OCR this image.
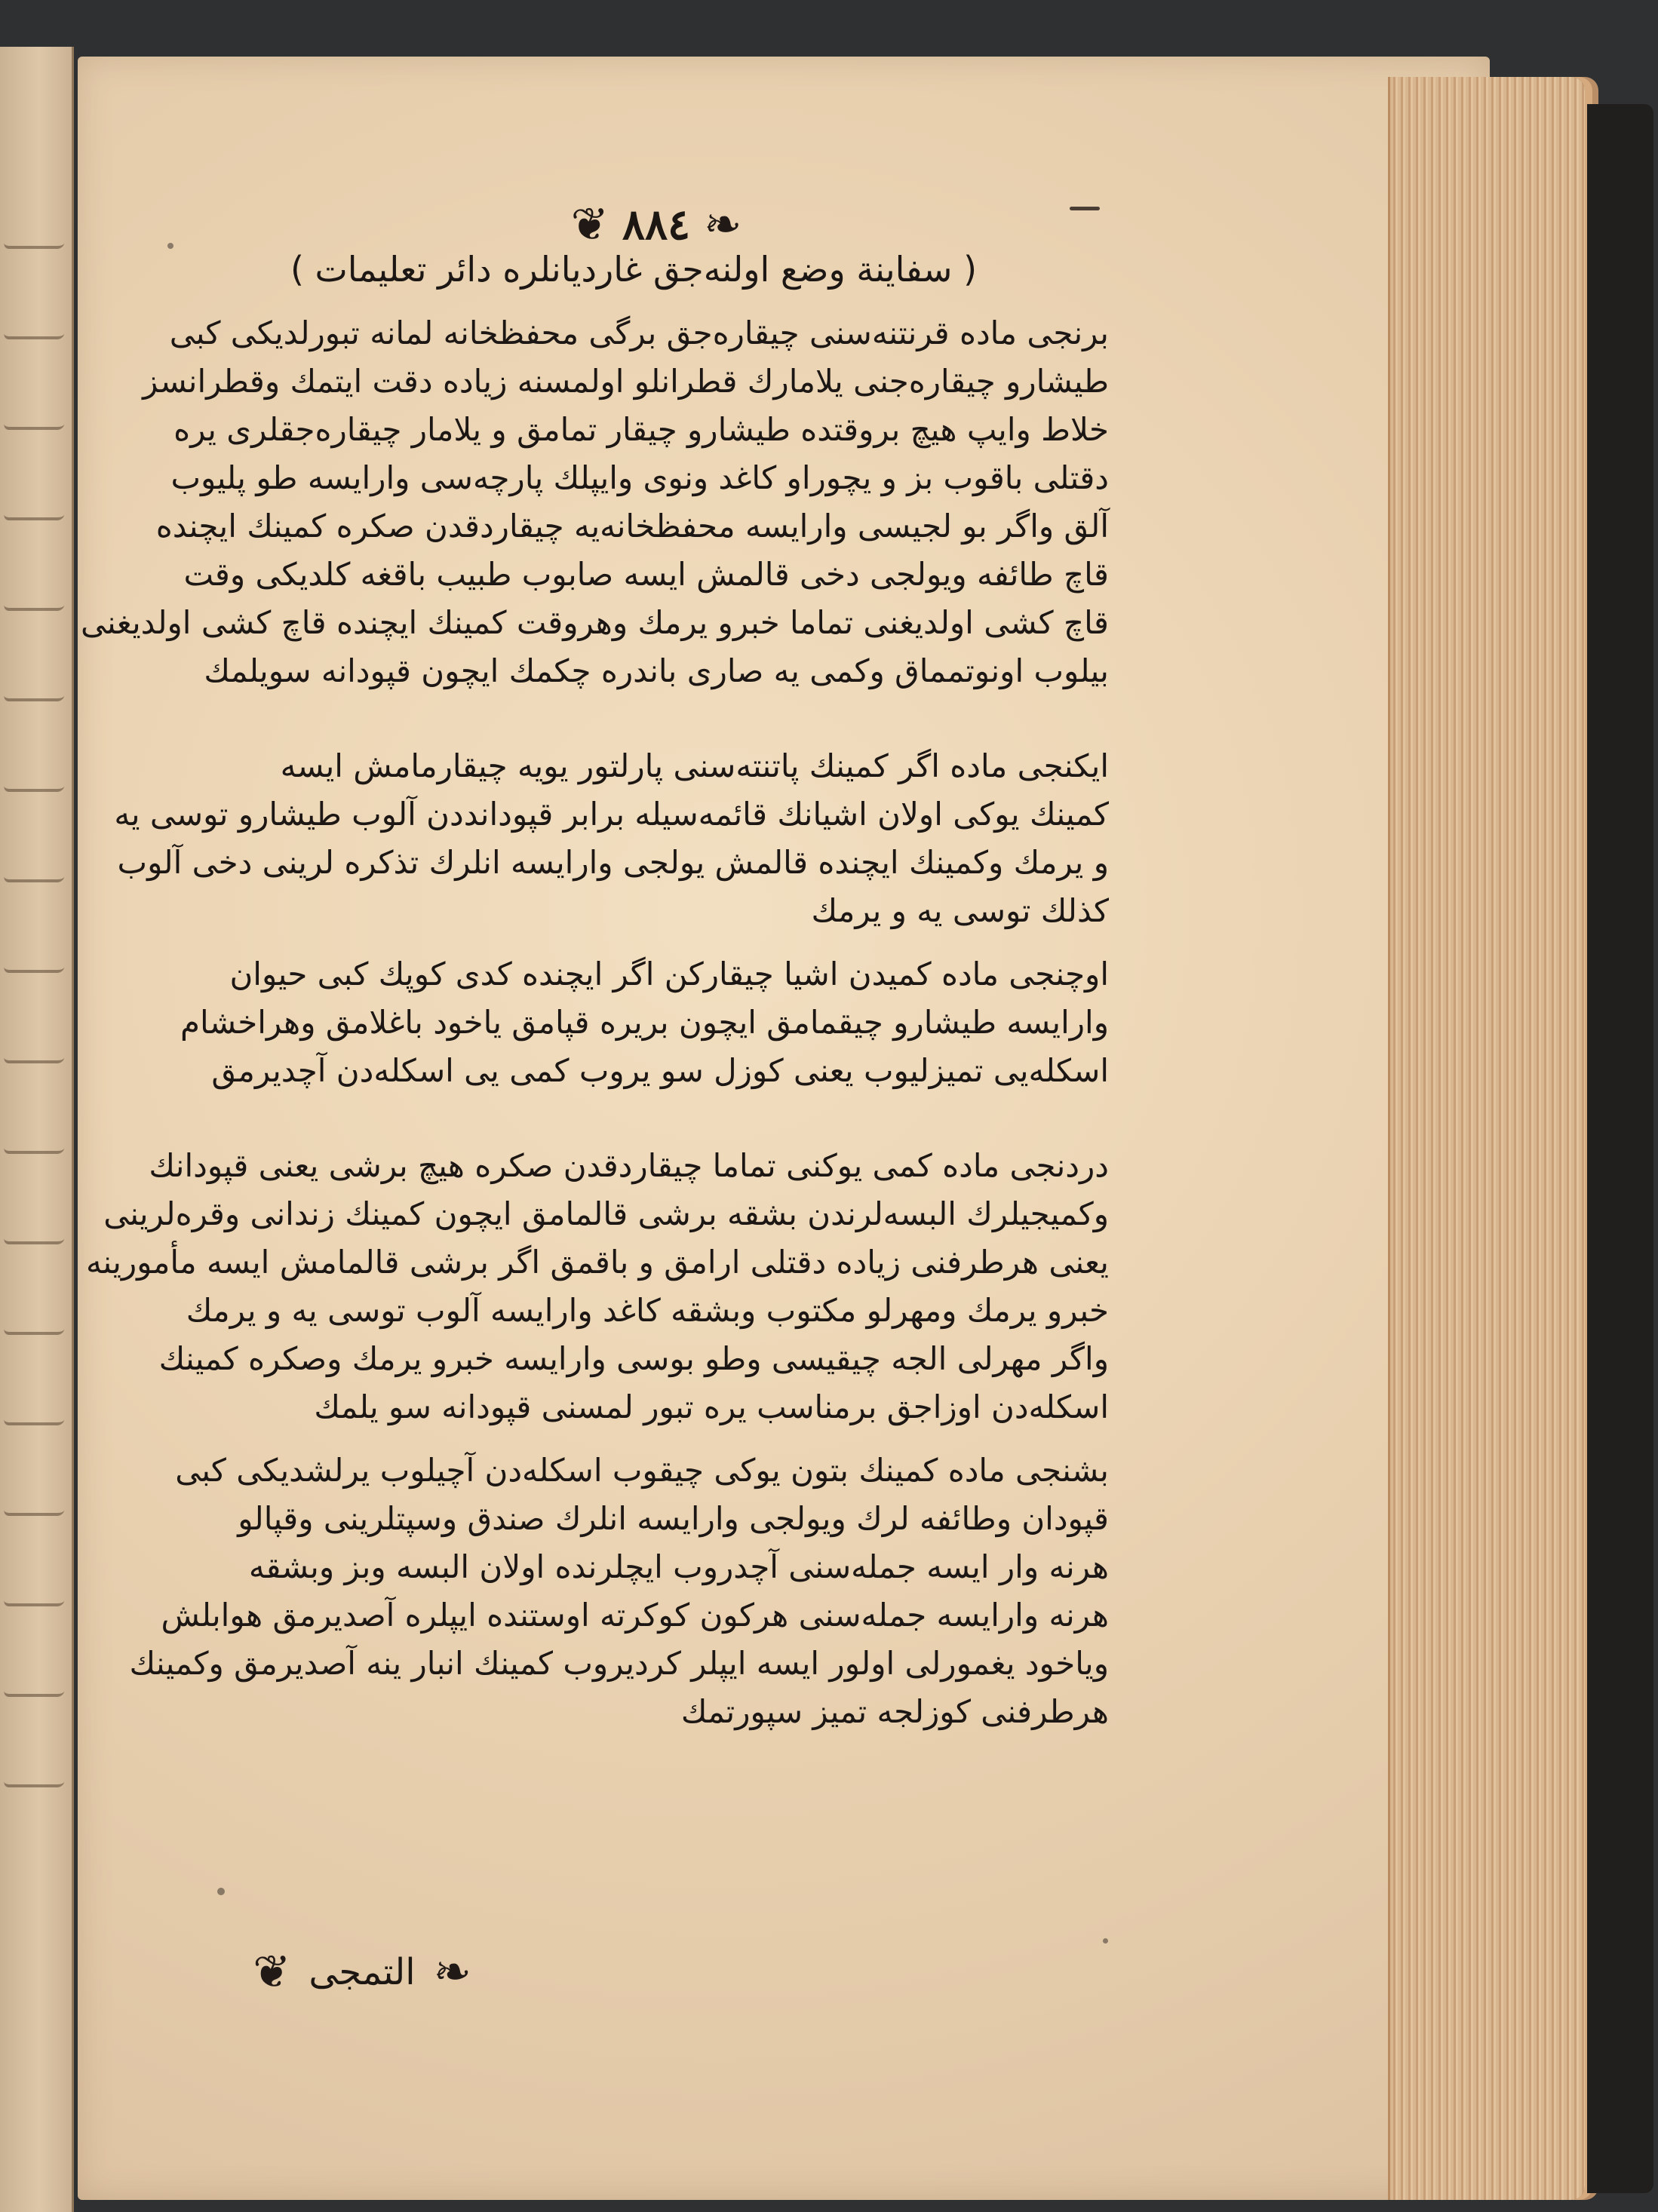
❦ ٨٨٤ ❧
( سفاينة وضع اولنه‌جق غارديانلره دائر تعليمات )
برنجى ماده قرنتنه‌سنى چيقاره‌جق برگى محفظخانه لمانه تبورلديكى كبى
طيشارو چيقاره‌جنى يلامارك قطرانلو اولمسنه زياده دقت ايتمك وقطرانسز
خلاط وايپ هيچ بروقتده طيشارو چيقار تمامق و يلامار چيقاره‌جقلرى يره
دقتلى باقوب بز و يچوراو كاغد ونوى وايپلك پارچه‌سى وارايسه طو پليوب
آلق واگر بو لجيسى وارايسه محفظخانه‌يه چيقاردقدن صكره كمينك ايچنده
قاچ طائفه ويولجى دخى قالمش ايسه صابوب طبيب باقغه كلديكى وقت
قاچ كشى اولديغنى تماما خبرو يرمك وهروقت كمينك ايچنده قاچ كشى اولديغنى
بيلوب اونوتمماق وكمى يه صارى باندره چكمك ايچون قپودانه سويلمك
ايكنجى ماده اگر كمينك پاتنته‌سنى پارلتور يويه چيقارمامش ايسه
كمينك يوكى اولان اشيانك قائمه‌سيله برابر قپودانددن آلوب طيشارو توسى يه
و يرمك وكمينك ايچنده قالمش يولجى وارايسه انلرك تذكره لرينى دخى آلوب
كذلك توسى يه و يرمك
اوچنجى ماده كميدن اشيا چيقاركن اگر ايچنده كدى كوپك كبى حيوان
وارايسه طيشارو چيقمامق ايچون بريره قپامق ياخود باغلامق وهراخشام
اسكله‌يى تميزليوب يعنى كوزل سو يروب كمى يى اسكله‌دن آچديرمق
دردنجى ماده كمى يوكنى تماما چيقاردقدن صكره هيچ برشى يعنى قپودانك
وكميجيلرك البسه‌لرندن بشقه برشى قالمامق ايچون كمينك زندانى وقره‌لرينى
يعنى هرطرفنى زياده دقتلى ارامق و باقمق اگر برشى قالمامش ايسه مأمورينه
خبرو يرمك ومهرلو مكتوب وبشقه كاغد وارايسه آلوب توسى يه و يرمك
واگر مهرلى الجه چيقيسى وطو بوسى وارايسه خبرو يرمك وصكره كمينك
اسكله‌دن اوزاجق برمناسب يره تبور لمسنى قپودانه سو يلمك
بشنجى ماده كمينك بتون يوكى چيقوب اسكله‌دن آچيلوب يرلشديكى كبى
قپودان وطائفه لرك ويولجى وارايسه انلرك صندق وسپتلرينى وقپالو
هرنه وار ايسه جمله‌سنى آچدروب ايچلرنده اولان البسه وبز وبشقه
هرنه وارايسه جمله‌سنى هركون كوكرته اوستنده ايپلره آصديرمق هوابلش
وياخود يغمورلى اولور ايسه ايپلر كرديروب كمينك انبار ينه آصديرمق وكمينك
هرطرفنى كوزلجه تميز سپورتمك
❦ التمجى ❧
